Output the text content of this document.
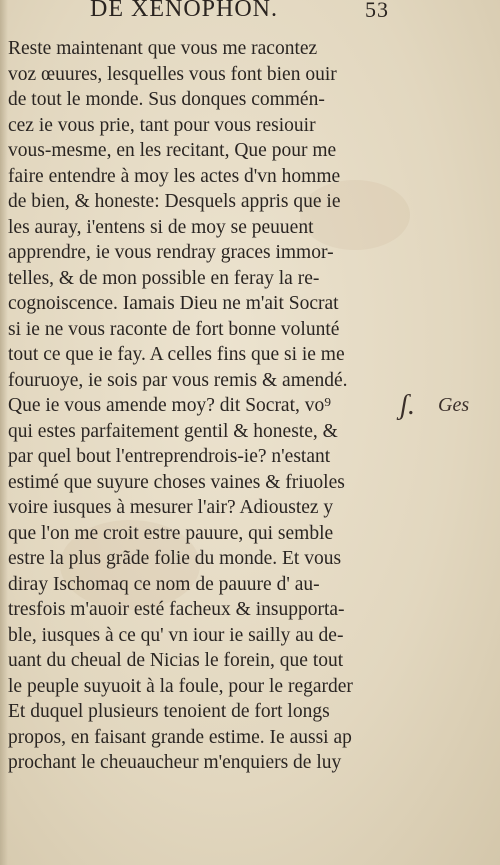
DE XENOPHON.	53
Reste maintenant que vous me racontez
voz œuures, lesquelles vous font bien ouir
de tout le monde. Sus donques commén-
cez ie vous prie, tant pour vous resiouir
vous-mesme, en les recitant, Que pour me
faire entendre à moy les actes d'vn homme
de bien, & honeste: Desquels appris que ie
les auray, i'entens si de moy se peuuent
apprendre, ie vous rendray graces immor-
telles, & de mon possible en feray la re-
cognoiscence. Iamais Dieu ne m'ait Socrat
si ie ne vous raconte de fort bonne volunté
tout ce que ie fay. A celles fins que si ie me
fouruoye, ie sois par vous remis & amendé.
Que ie vous amende moy? dit Socrat, vo⁹
qui estes parfaitement gentil & honeste, &
par quel bout l'entreprendrois-ie? n'estant
estimé que suyure choses vaines & friuoles
voire iusques à mesurer l'air? Adioustez y
que l'on me croit estre pauure, qui semble
estre la plus grãde folie du monde. Et vous
diray Ischomaq ce nom de pauure d' au-
tresfois m'auoir esté facheux & insupporta-
ble, iusques à ce qu' vn iour ie sailly au de-
uant du cheual de Nicias le forein, que tout
le peuple suyuoit à la foule, pour le regarder
Et duquel plusieurs tenoient de fort longs
propos, en faisant grande estime. Ie aussi ap
prochant le cheuaucheur m'enquiers de luy
ʃ. Ges
